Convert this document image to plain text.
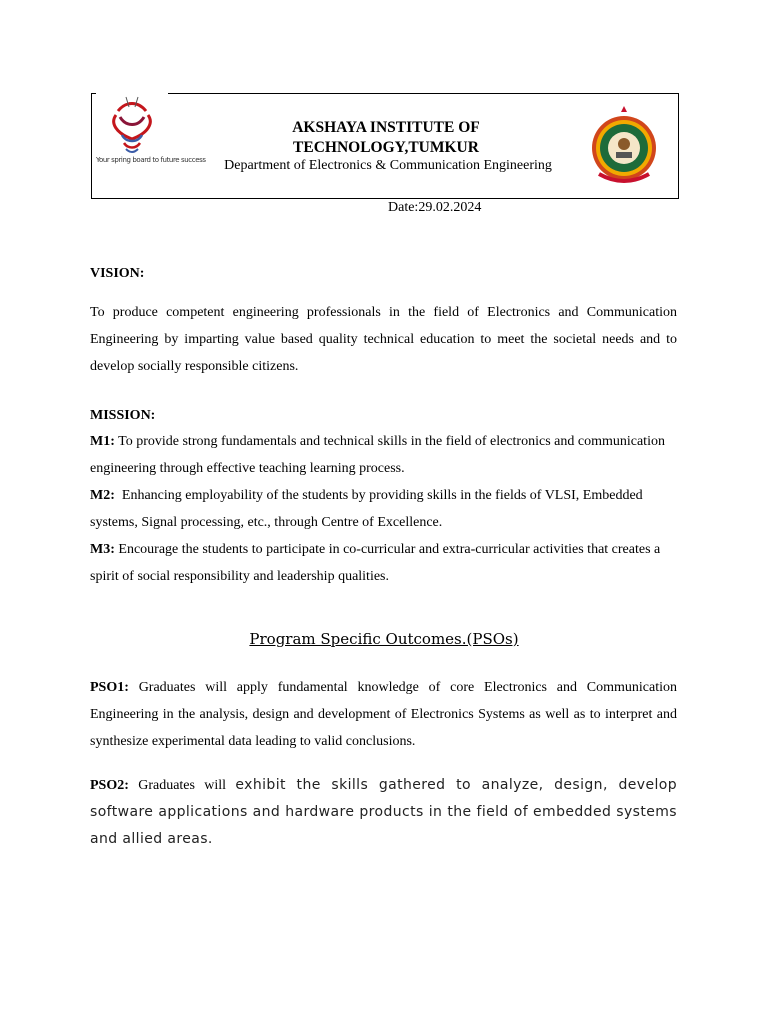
Your spring board to future success
AKSHAYA INSTITUTE OF TECHNOLOGY,TUMKUR
Department of Electronics & Communication Engineering
Date:29.02.2024
VISION:
To produce competent engineering professionals in the field of Electronics and Communication Engineering by imparting value based quality technical education to meet the societal needs and to develop socially responsible citizens.
MISSION:

M1: To provide strong fundamentals and technical skills in the field of electronics and communication engineering through effective teaching learning process.

M2: Enhancing employability of the students by providing skills in the fields of VLSI, Embedded systems, Signal processing, etc., through Centre of Excellence.

M3: Encourage the students to participate in co-curricular and extra-curricular activities that creates a spirit of social responsibility and leadership qualities.

Program Specific Outcomes.(PSOs)
PSO1: Graduates will apply fundamental knowledge of core Electronics and Communication Engineering in the analysis, design and development of Electronics Systems as well as to interpret and synthesize experimental data leading to valid conclusions.
PSO2: Graduates will exhibit the skills gathered to analyze, design, develop software applications and hardware products in the field of embedded systems and allied areas.
